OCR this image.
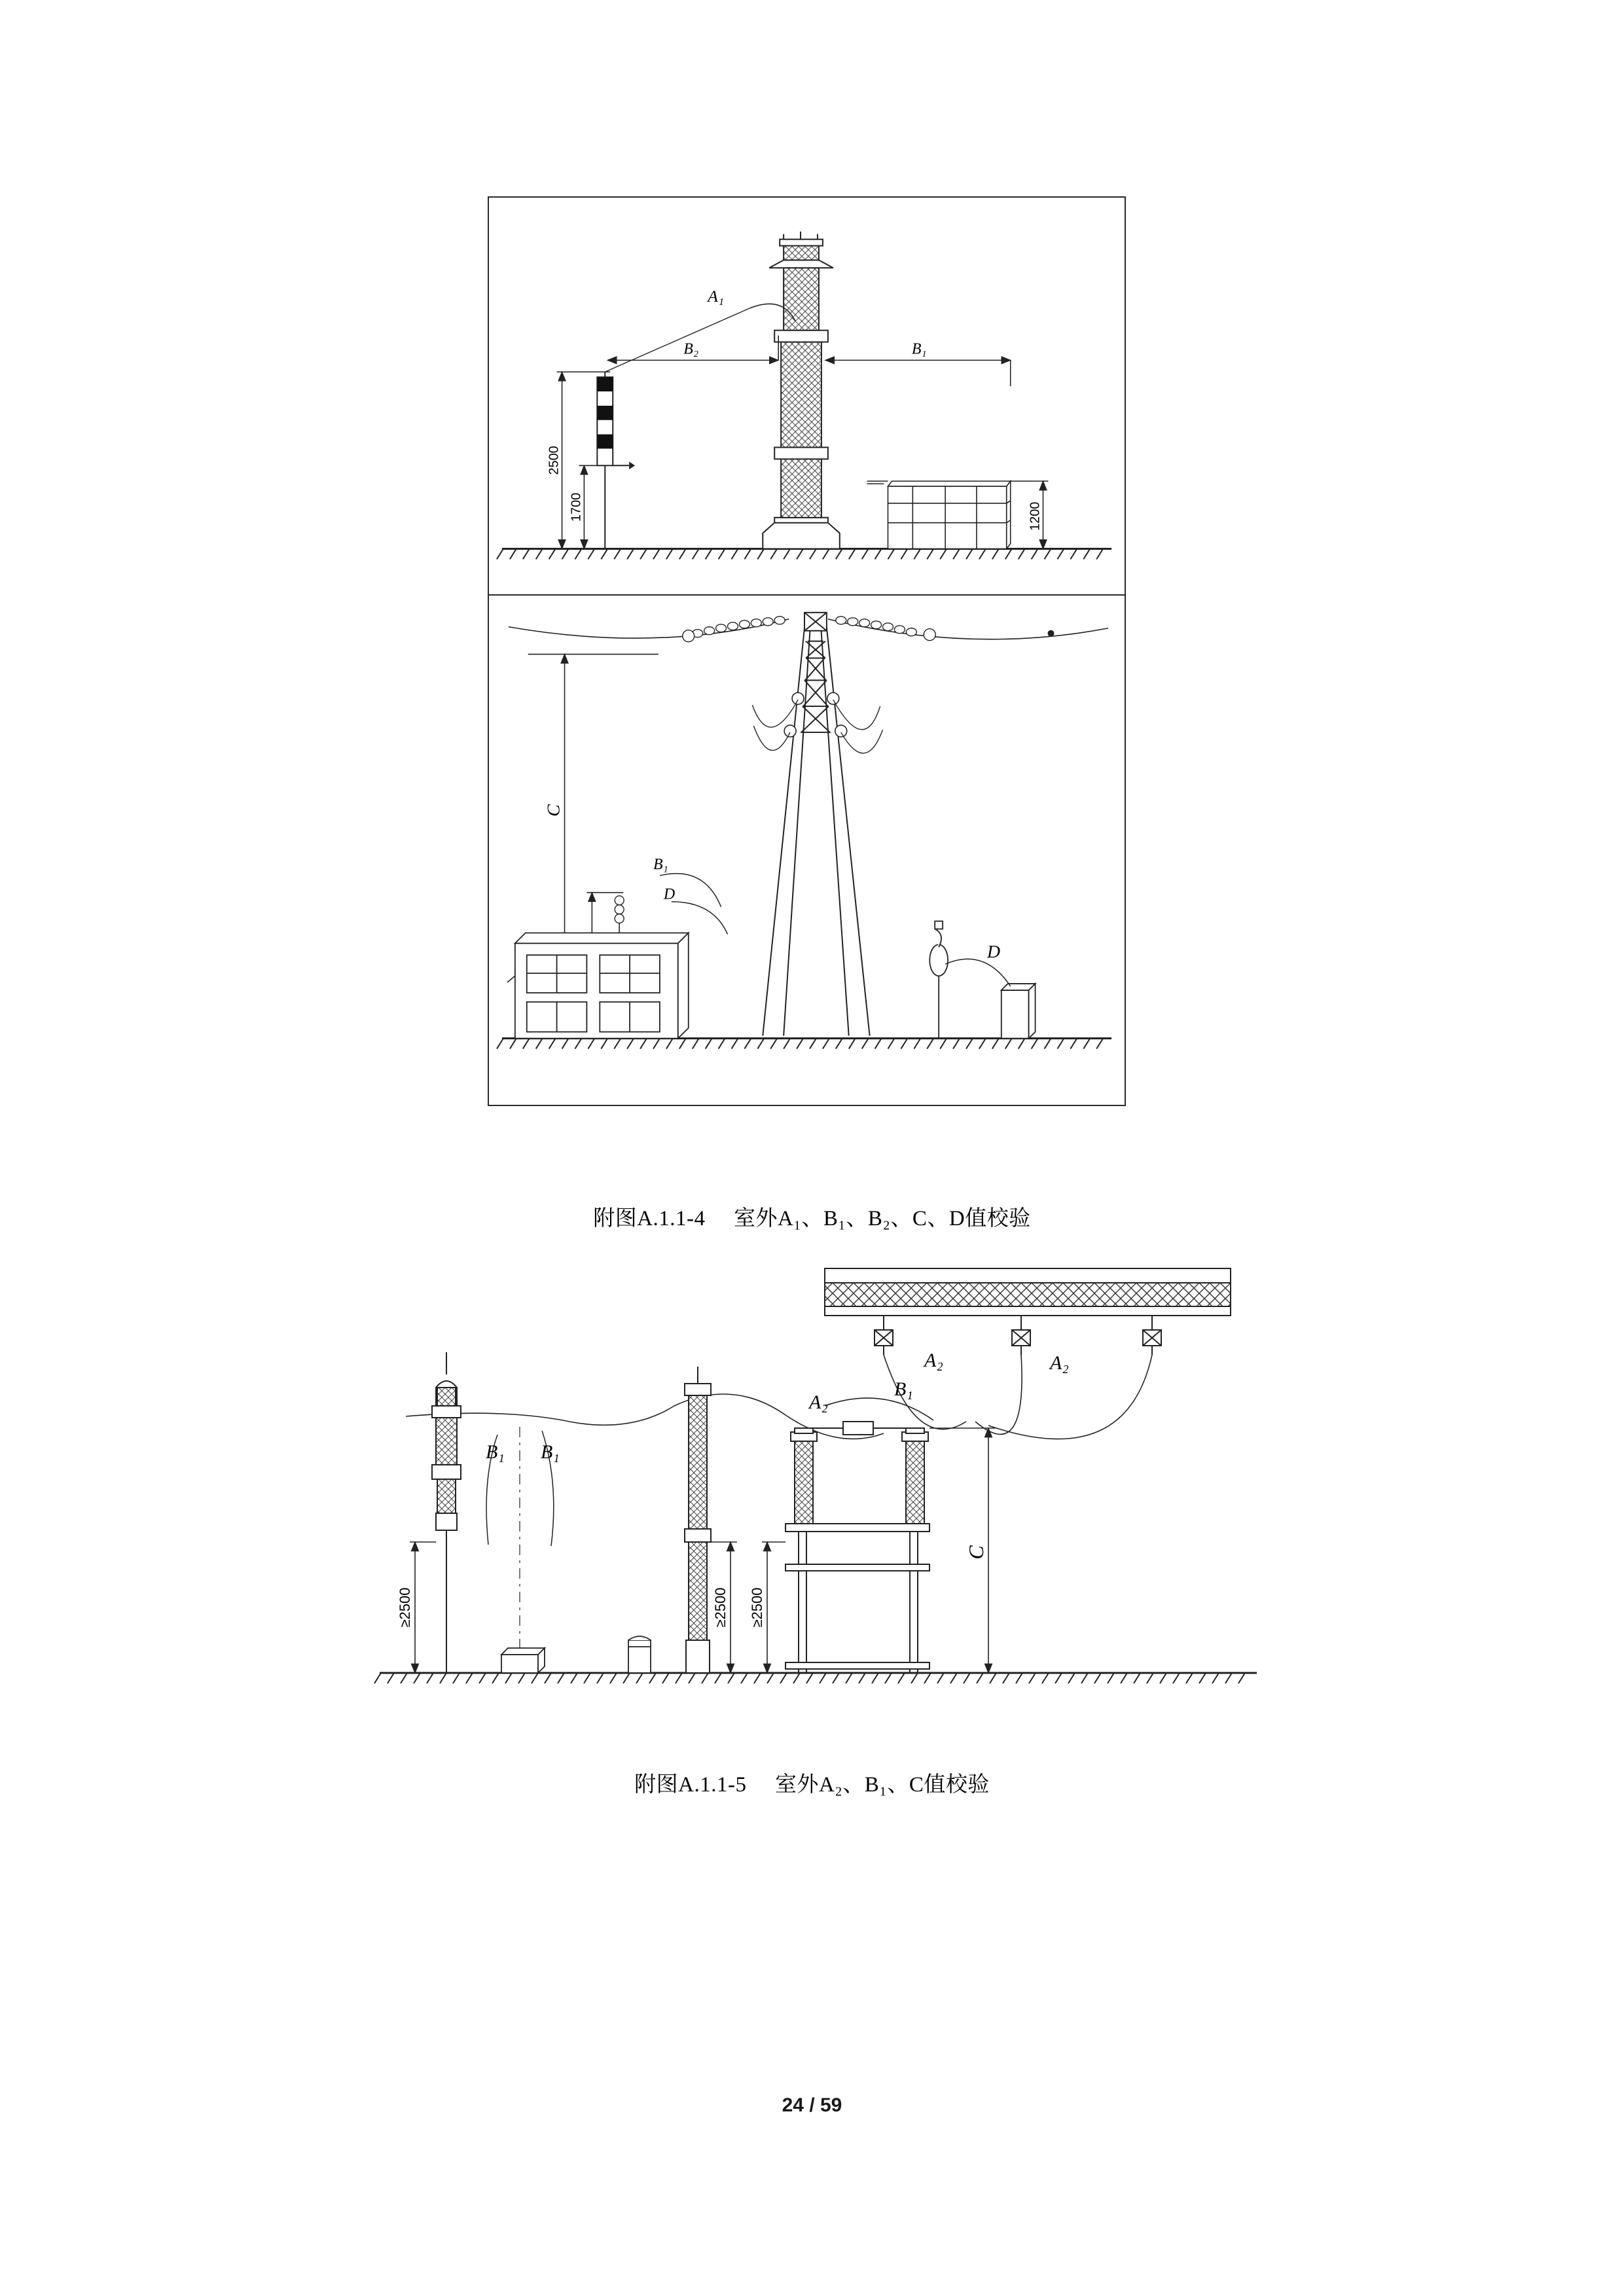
2500
1700
B₂	B₁
A₁
1200
C
B₁
D
D
附图A.1.1-4 室外A₁、B₁、B₂、C、D值校验
A₂	A₂
B₁
A₂
≥2500
B₁ B₁
≥2500 ≥2500
C
附图A.1.1-5 室外A₂、B₁、C值校验
24 / 59
